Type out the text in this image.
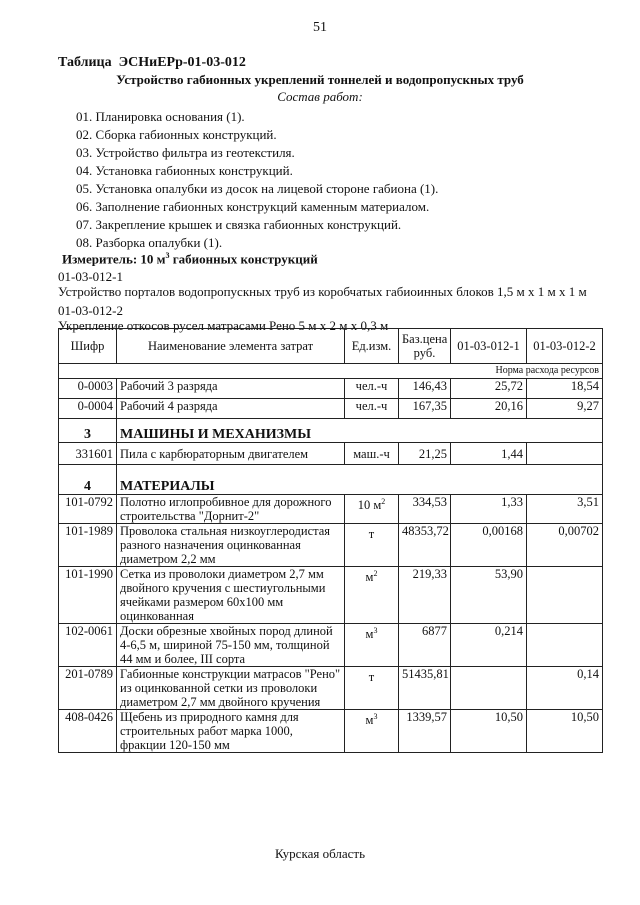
51
Таблица  ЭСНиЕРр-01-03-012
Устройство габионных укреплений тоннелей и водопропускных труб
Состав работ:
01. Планировка основания (1).
02. Сборка габионных конструкций.
03. Устройство фильтра из геотекстиля.
04. Установка габионных конструкций.
05. Установка опалубки из досок на лицевой стороне габиона (1).
06. Заполнение габионных конструкций каменным материалом.
07. Закрепление крышек и связка габионных конструкций.
08. Разборка опалубки (1).
Измеритель: 10 $м^3$ габионных конструкций
01-03-012-1Устройство порталов водопропускных труб из коробчатых габиоинных блоков 1,5 м х 1 м х 1 м
01-03-012-2Укрепление откосов русел матрасами Рено 5 м х 2 м х 0,3 м
Шифр	Наименование элемента затрат	Ед.изм.	Баз.цена руб.	01-03-012-1	01-03-012-2
Норма расхода ресурсов					
0-0003	Рабочий 3 разряда	чел.-ч	146,43	25,72	18,54
0-0004	Рабочий 4 разряда	чел.-ч	167,35	20,16	9,27
3	МАШИНЫ И МЕХАНИЗМЫ				
331601	Пила с карбюраторным двигателем	маш.-ч	21,25	1,44	
4	МАТЕРИАЛЫ				
101-0792	Полотно иглопробивное для дорожного строительства "Дорнит-2"	10 $м^2$	334,53	1,33	3,51
101-1989	Проволока стальная низкоуглеродистая разного назначения оцинкованная диаметром 2,2 мм	т	48353,72	0,00168	0,00702
101-1990	Сетка из проволоки диаметром 2,7 мм двойного кручения с шестиугольными ячейками размером 60х100 мм оцинкованная	$м^2$	219,33	53,90	
102-0061	Доски обрезные хвойных пород длиной 4-6,5 м, шириной 75-150 мм, толщиной 44 мм и более, III сорта	$м^3$	6877	0,214	
201-0789	Габионные конструкции матрасов "Рено" из оцинкованной сетки из проволоки диаметром 2,7 мм двойного кручения	т	51435,81		0,14
408-0426	Щебень из природного камня для строительных работ марка 1000, фракции 120-150 мм	$м^3$	1339,57	10,50	10,50
Курская область
